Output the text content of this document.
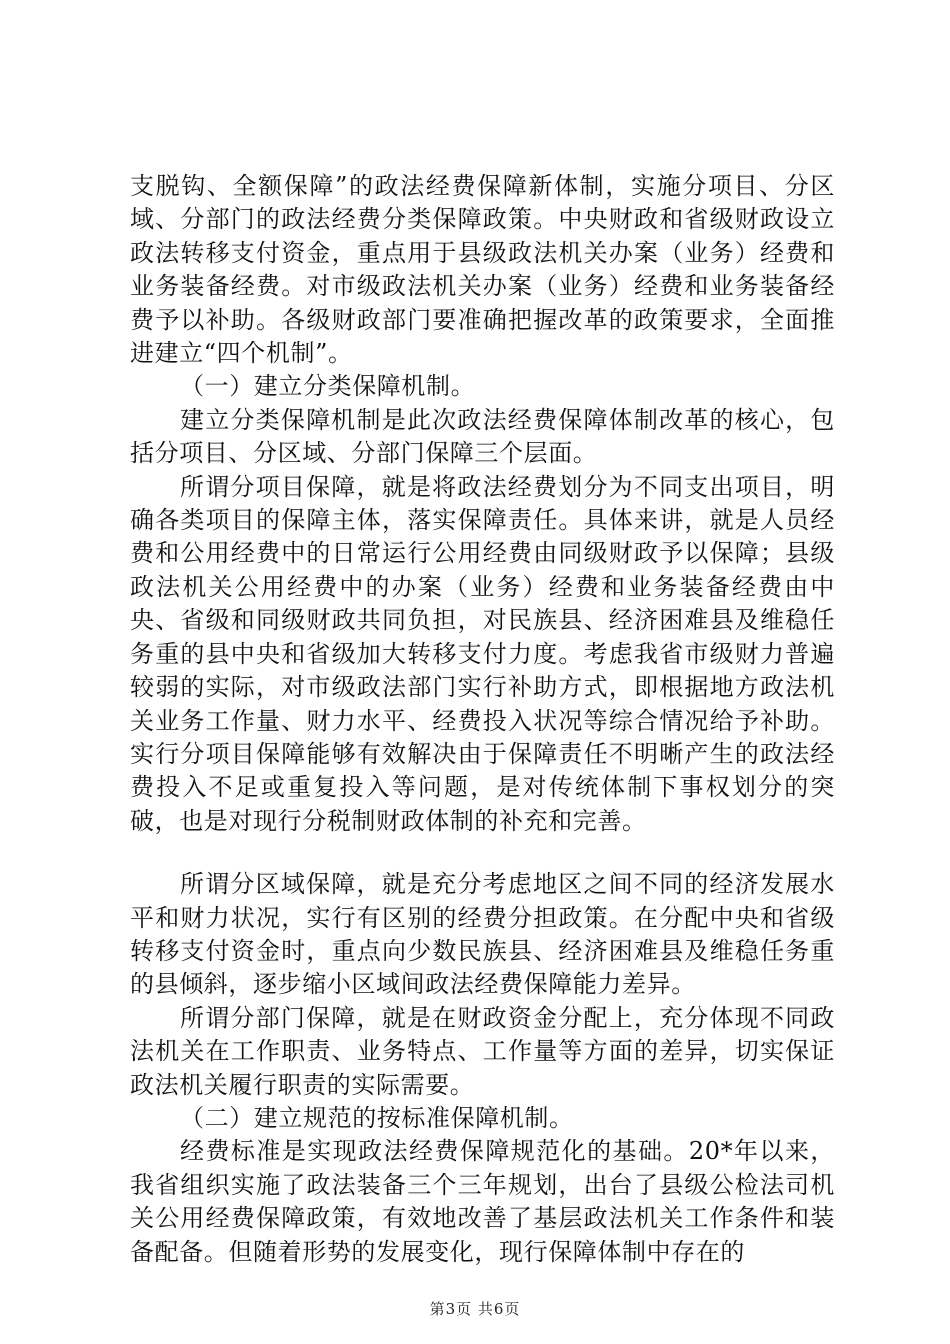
支脱钩、全额保障”的政法经费保障新体制，实施分项目、分区域、分部门的政法经费分类保障政策。中央财政和省级财政设立政法转移支付资金，重点用于县级政法机关办案（业务）经费和业务装备经费。对市级政法机关办案（业务）经费和业务装备经费予以补助。各级财政部门要准确把握改革的政策要求，全面推进建立“四个机制”。

（一）建立分类保障机制。

建立分类保障机制是此次政法经费保障体制改革的核心，包括分项目、分区域、分部门保障三个层面。

所谓分项目保障，就是将政法经费划分为不同支出项目，明确各类项目的保障主体，落实保障责任。具体来讲，就是人员经费和公用经费中的日常运行公用经费由同级财政予以保障；县级政法机关公用经费中的办案（业务）经费和业务装备经费由中央、省级和同级财政共同负担，对民族县、经济困难县及维稳任务重的县中央和省级加大转移支付力度。考虑我省市级财力普遍较弱的实际，对市级政法部门实行补助方式，即根据地方政法机关业务工作量、财力水平、经费投入状况等综合情况给予补助。实行分项目保障能够有效解决由于保障责任不明晰产生的政法经费投入不足或重复投入等问题，是对传统体制下事权划分的突破，也是对现行分税制财政体制的补充和完善。

所谓分区域保障，就是充分考虑地区之间不同的经济发展水平和财力状况，实行有区别的经费分担政策。在分配中央和省级转移支付资金时，重点向少数民族县、经济困难县及维稳任务重的县倾斜，逐步缩小区域间政法经费保障能力差异。

所谓分部门保障，就是在财政资金分配上，充分体现不同政法机关在工作职责、业务特点、工作量等方面的差异，切实保证政法机关履行职责的实际需要。

（二）建立规范的按标准保障机制。

经费标准是实现政法经费保障规范化的基础。20*年以来，我省组织实施了政法装备三个三年规划，出台了县级公检法司机关公用经费保障政策，有效地改善了基层政法机关工作条件和装备配备。但随着形势的发展变化，现行保障体制中存在的

第3页 共6页
